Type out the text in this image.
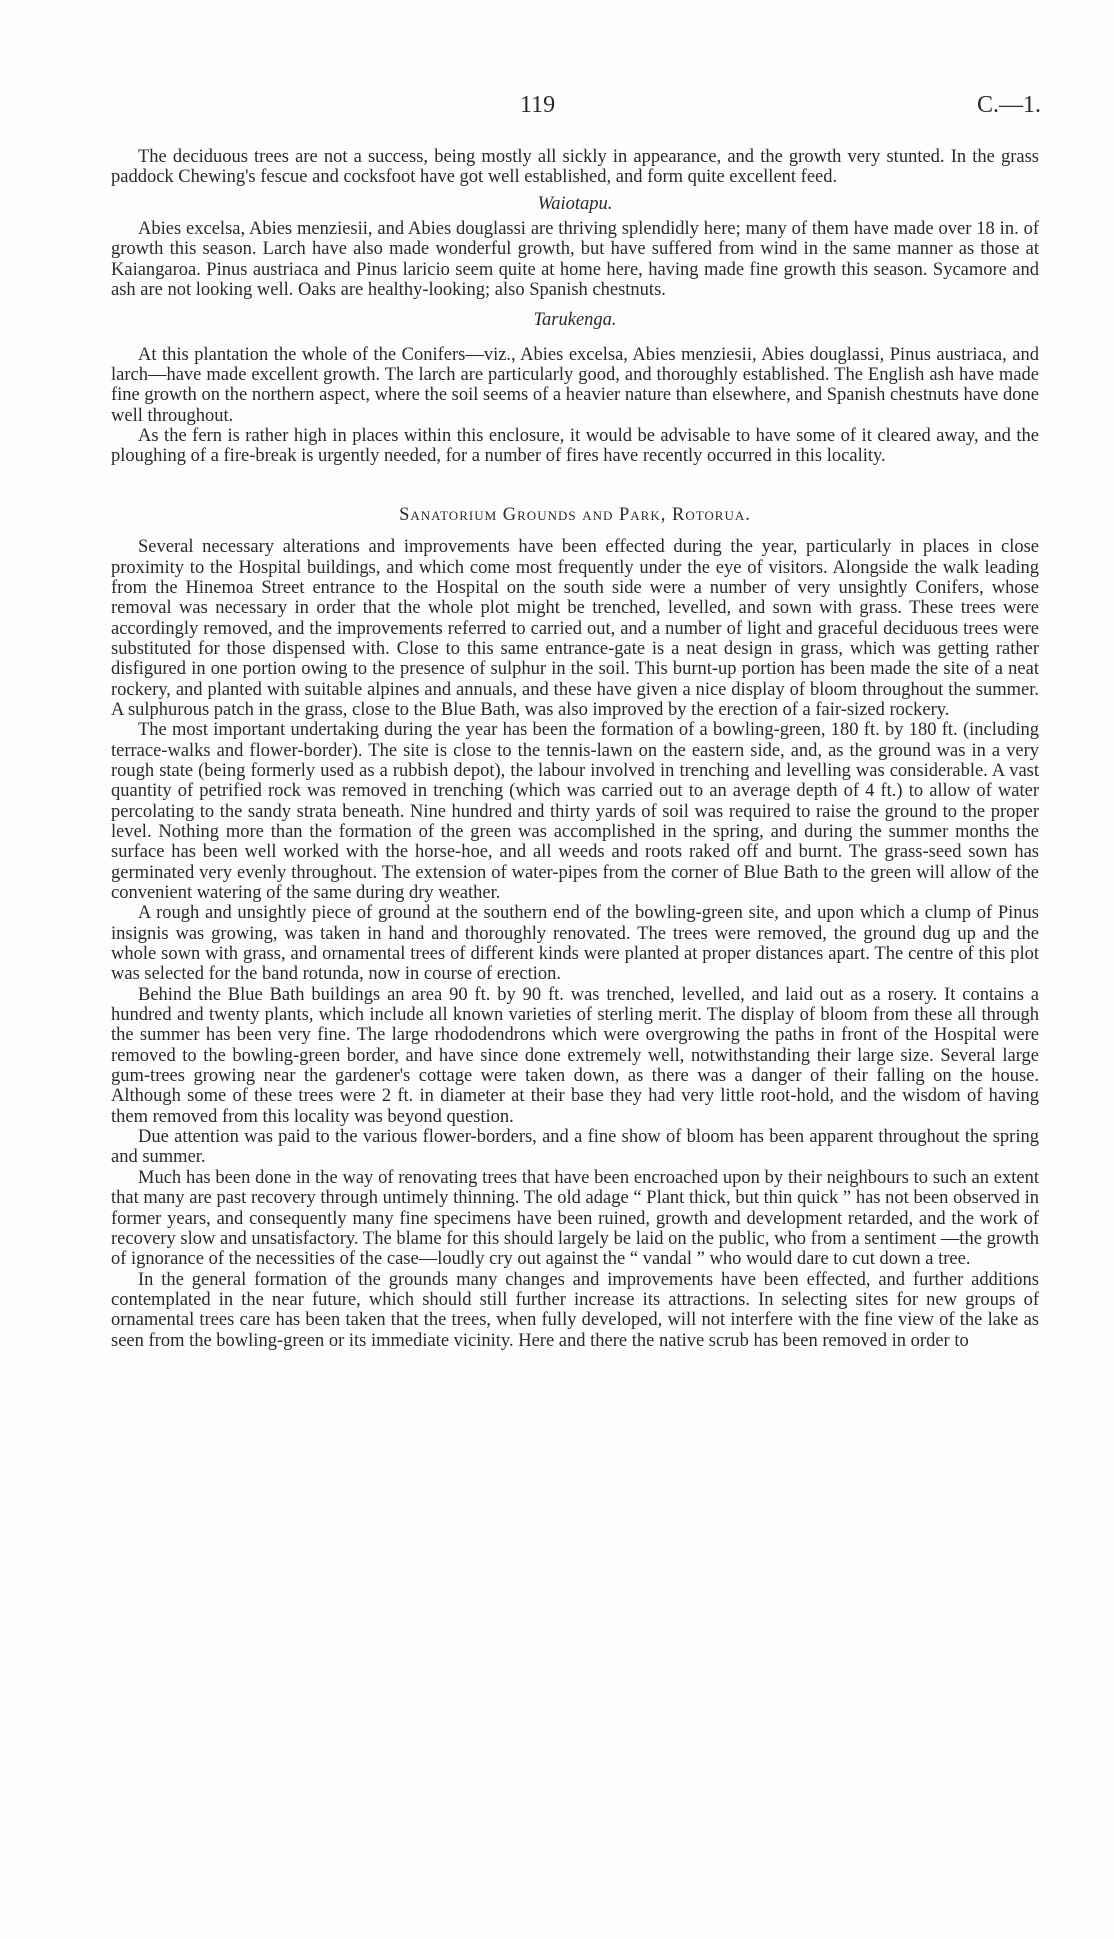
119	C.—1.

The deciduous trees are not a success, being mostly all sickly in appearance, and the growth very stunted. In the grass paddock Chewing's fescue and cocksfoot have got well established, and form quite excellent feed.

Waiotapu.

Abies excelsa, Abies menziesii, and Abies douglassi are thriving splendidly here; many of them have made over 18 in. of growth this season. Larch have also made wonderful growth, but have suffered from wind in the same manner as those at Kaiangaroa. Pinus austriaca and Pinus laricio seem quite at home here, having made fine growth this season. Sycamore and ash are not looking well. Oaks are healthy-looking; also Spanish chestnuts.

Tarukenga.

At this plantation the whole of the Conifers—viz., Abies excelsa, Abies menziesii, Abies douglassi, Pinus austriaca, and larch—have made excellent growth. The larch are particularly good, and thoroughly established. The English ash have made fine growth on the northern aspect, where the soil seems of a heavier nature than elsewhere, and Spanish chestnuts have done well throughout.

As the fern is rather high in places within this enclosure, it would be advisable to have some of it cleared away, and the ploughing of a fire-break is urgently needed, for a number of fires have recently occurred in this locality.

Sanatorium Grounds and Park, Rotorua.

Several necessary alterations and improvements have been effected during the year, particularly in places in close proximity to the Hospital buildings, and which come most frequently under the eye of visitors. Alongside the walk leading from the Hinemoa Street entrance to the Hospital on the south side were a number of very unsightly Conifers, whose removal was necessary in order that the whole plot might be trenched, levelled, and sown with grass. These trees were accordingly removed, and the improvements referred to carried out, and a number of light and graceful deciduous trees were substituted for those dispensed with. Close to this same entrance-gate is a neat design in grass, which was getting rather disfigured in one portion owing to the presence of sulphur in the soil. This burnt-up portion has been made the site of a neat rockery, and planted with suitable alpines and annuals, and these have given a nice display of bloom throughout the summer. A sulphurous patch in the grass, close to the Blue Bath, was also improved by the erection of a fair-sized rockery.

The most important undertaking during the year has been the formation of a bowling-green, 180 ft. by 180 ft. (including terrace-walks and flower-border). The site is close to the tennis-lawn on the eastern side, and, as the ground was in a very rough state (being formerly used as a rubbish depot), the labour involved in trenching and levelling was considerable. A vast quantity of petrified rock was removed in trenching (which was carried out to an average depth of 4 ft.) to allow of water percolating to the sandy strata beneath. Nine hundred and thirty yards of soil was required to raise the ground to the proper level. Nothing more than the formation of the green was accomplished in the spring, and during the summer months the surface has been well worked with the horse-hoe, and all weeds and roots raked off and burnt. The grass-seed sown has germinated very evenly throughout. The extension of water-pipes from the corner of Blue Bath to the green will allow of the convenient watering of the same during dry weather.

A rough and unsightly piece of ground at the southern end of the bowling-green site, and upon which a clump of Pinus insignis was growing, was taken in hand and thoroughly renovated. The trees were removed, the ground dug up and the whole sown with grass, and ornamental trees of different kinds were planted at proper distances apart. The centre of this plot was selected for the band rotunda, now in course of erection.

Behind the Blue Bath buildings an area 90 ft. by 90 ft. was trenched, levelled, and laid out as a rosery. It contains a hundred and twenty plants, which include all known varieties of sterling merit. The display of bloom from these all through the summer has been very fine. The large rhododendrons which were overgrowing the paths in front of the Hospital were removed to the bowling-green border, and have since done extremely well, notwithstanding their large size. Several large gum-trees growing near the gardener's cottage were taken down, as there was a danger of their falling on the house. Although some of these trees were 2 ft. in diameter at their base they had very little root-hold, and the wisdom of having them removed from this locality was beyond question.

Due attention was paid to the various flower-borders, and a fine show of bloom has been apparent throughout the spring and summer.

Much has been done in the way of renovating trees that have been encroached upon by their neighbours to such an extent that many are past recovery through untimely thinning. The old adage “ Plant thick, but thin quick ” has not been observed in former years, and consequently many fine specimens have been ruined, growth and development retarded, and the work of recovery slow and unsatisfactory. The blame for this should largely be laid on the public, who from a sentiment —the growth of ignorance of the necessities of the case—loudly cry out against the “ vandal ” who would dare to cut down a tree.

In the general formation of the grounds many changes and improvements have been effected, and further additions contemplated in the near future, which should still further increase its attractions. In selecting sites for new groups of ornamental trees care has been taken that the trees, when fully developed, will not interfere with the fine view of the lake as seen from the bowling-green or its immediate vicinity. Here and there the native scrub has been removed in order to
